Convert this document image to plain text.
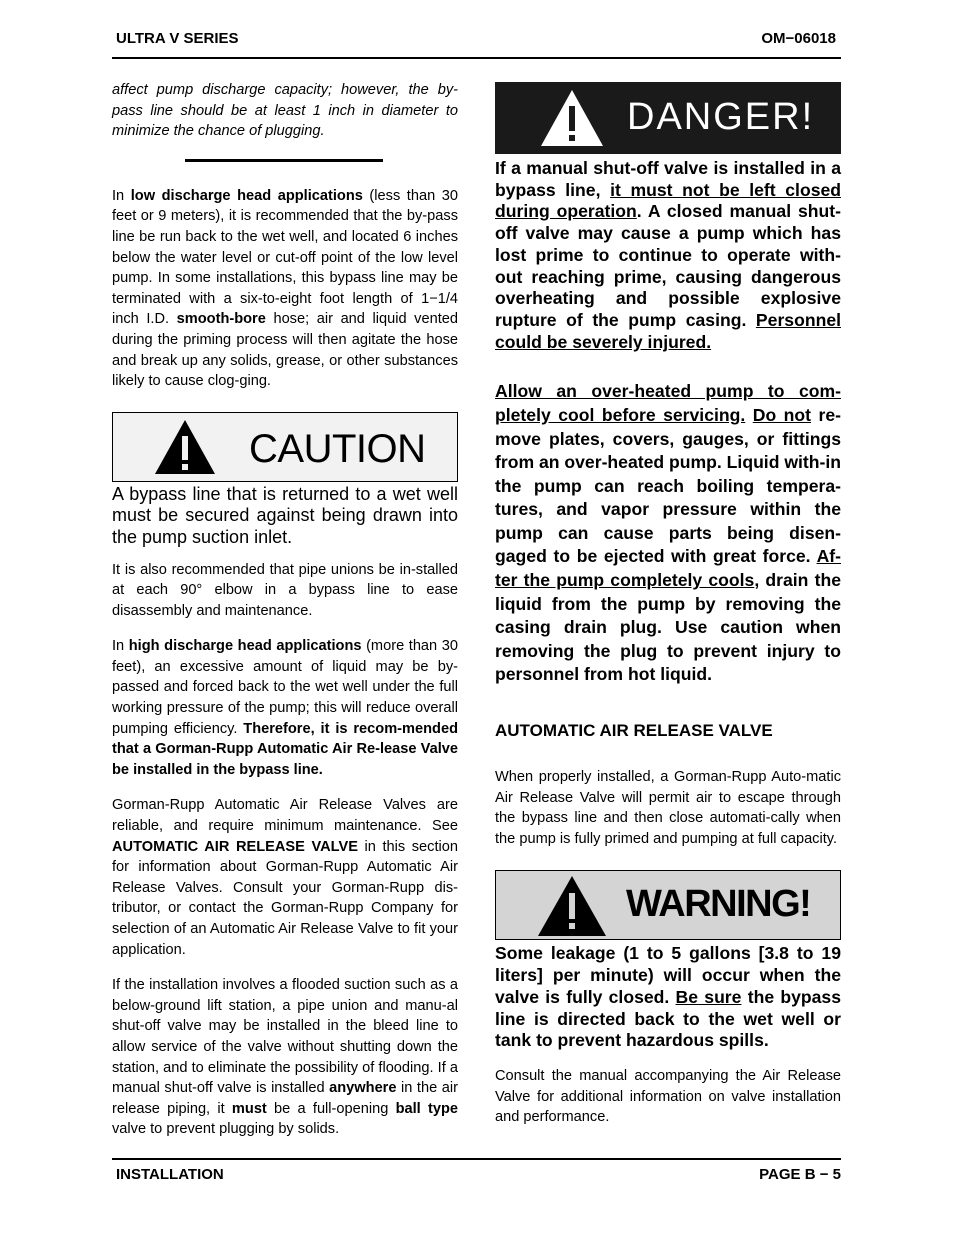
ULTRA V SERIES	OM−06018

affect pump discharge capacity; however, the by-pass line should be at least 1 inch in diameter to minimize the chance of plugging.

In low discharge head applications (less than 30 feet or 9 meters), it is recommended that the by-pass line be run back to the wet well, and located 6 inches below the water level or cut-off point of the low level pump. In some installations, this bypass line may be terminated with a six-to-eight foot length of 1−1/4 inch I.D. smooth-bore hose; air and liquid vented during the priming process will then agitate the hose and break up any solids, grease, or other substances likely to cause clog-ging.

CAUTION

A bypass line that is returned to a wet well must be secured against being drawn into the pump suction inlet.

It is also recommended that pipe unions be in-stalled at each 90° elbow in a bypass line to ease disassembly and maintenance.

In high discharge head applications (more than 30 feet), an excessive amount of liquid may be by-passed and forced back to the wet well under the full working pressure of the pump; this will reduce overall pumping efficiency. Therefore, it is recom-mended that a Gorman-Rupp Automatic Air Re-lease Valve be installed in the bypass line.

Gorman-Rupp Automatic Air Release Valves are reliable, and require minimum maintenance. See AUTOMATIC AIR RELEASE VALVE in this section for information about Gorman-Rupp Automatic Air Release Valves. Consult your Gorman-Rupp dis-tributor, or contact the Gorman-Rupp Company for selection of an Automatic Air Release Valve to fit your application.

If the installation involves a flooded suction such as a below-ground lift station, a pipe union and manu-al shut-off valve may be installed in the bleed line to allow service of the valve without shutting down the station, and to eliminate the possibility of flooding. If a manual shut-off valve is installed anywhere in the air release piping, it must be a full-opening ball type valve to prevent plugging by solids.

DANGER!

If a manual shut-off valve is installed in a bypass line, it must not be left closed during operation. A closed manual shut-off valve may cause a pump which has lost prime to continue to operate with-out reaching prime, causing dangerous overheating and possible explosive rupture of the pump casing. Personnel could be severely injured.

Allow an over-heated pump to com-pletely cool before servicing. Do not re-move plates, covers, gauges, or fittings from an over-heated pump. Liquid with-in the pump can reach boiling tempera-tures, and vapor pressure within the pump can cause parts being disen-gaged to be ejected with great force. Af-ter the pump completely cools, drain the liquid from the pump by removing the casing drain plug. Use caution when removing the plug to prevent injury to personnel from hot liquid.

AUTOMATIC AIR RELEASE VALVE

When properly installed, a Gorman-Rupp Auto-matic Air Release Valve will permit air to escape through the bypass line and then close automati-cally when the pump is fully primed and pumping at full capacity.

WARNING!

Some leakage (1 to 5 gallons [3.8 to 19 liters] per minute) will occur when the valve is fully closed. Be sure the bypass line is directed back to the wet well or tank to prevent hazardous spills.

Consult the manual accompanying the Air Release Valve for additional information on valve installation and performance.

INSTALLATION	PAGE B − 5
